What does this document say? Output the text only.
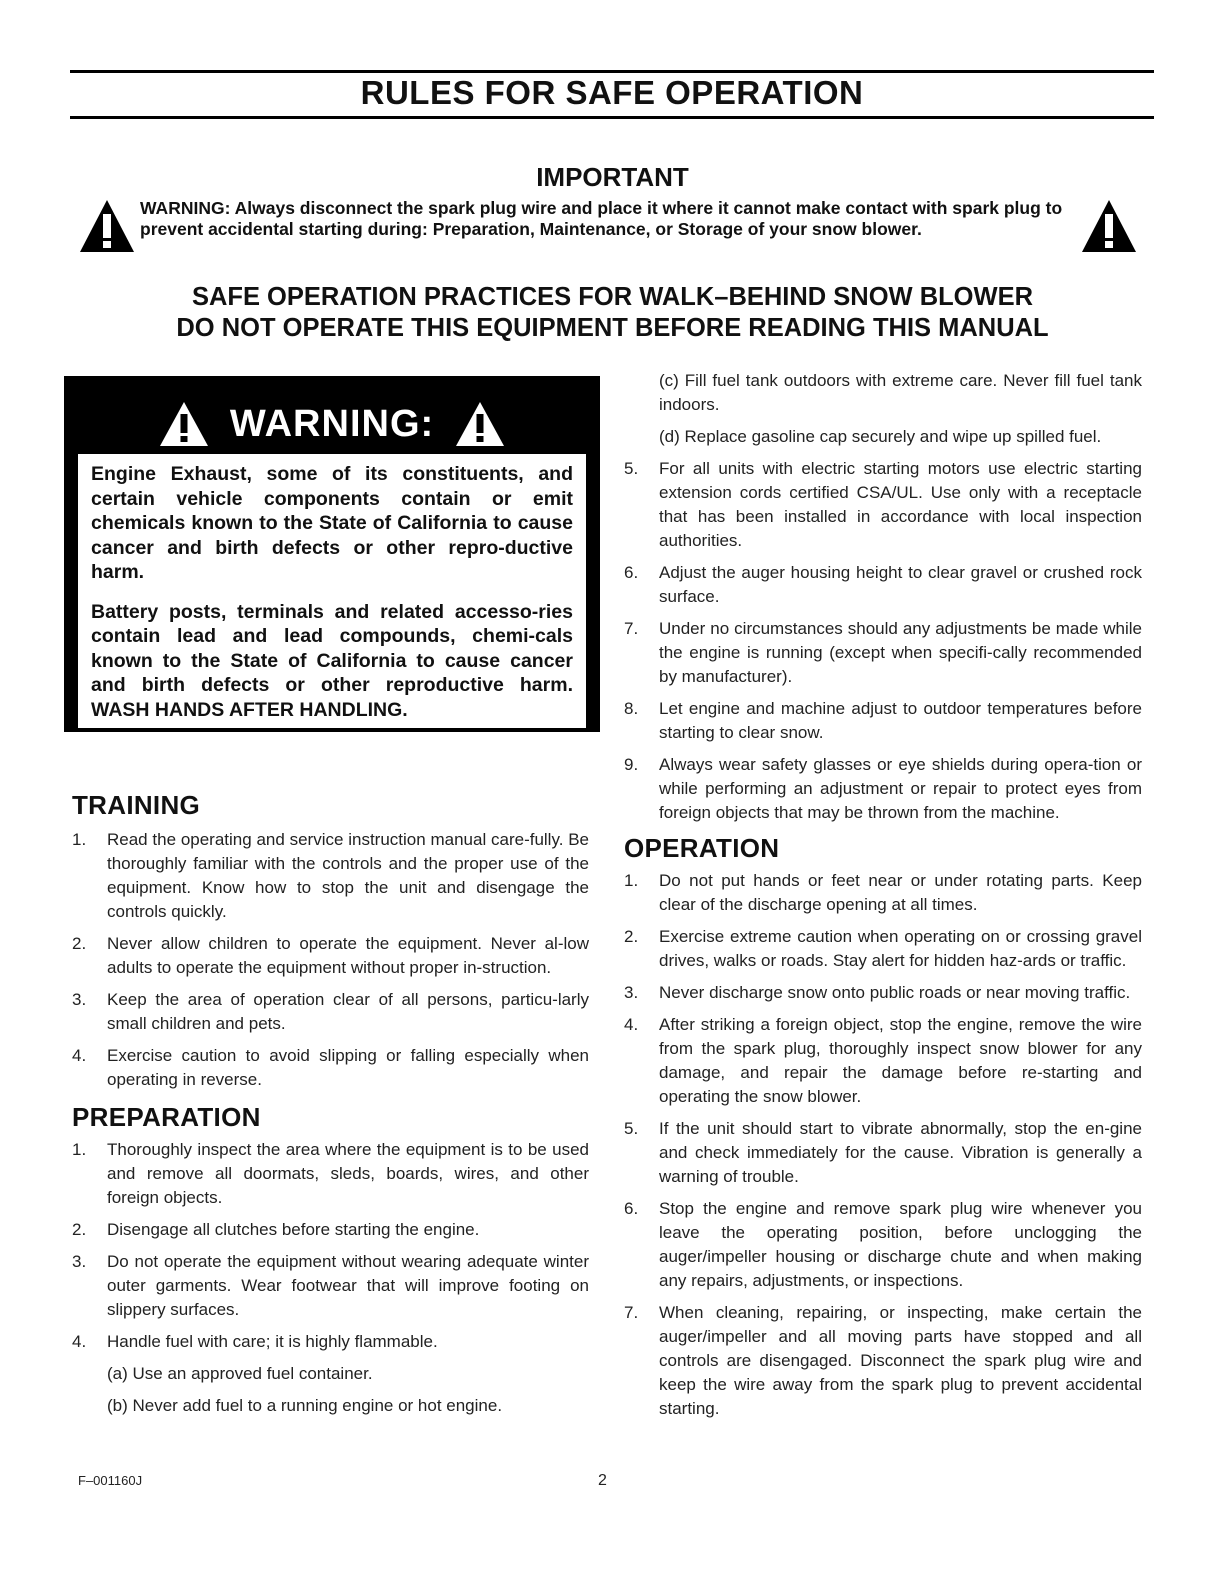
RULES FOR SAFE OPERATION
IMPORTANT
WARNING: Always disconnect the spark plug wire and place it where it cannot make contact with spark plug to prevent accidental starting during: Preparation, Maintenance, or Storage of your snow blower.
SAFE OPERATION PRACTICES FOR WALK–BEHIND SNOW BLOWER
DO NOT OPERATE THIS EQUIPMENT BEFORE READING THIS MANUAL
WARNING:

Engine Exhaust, some of its constituents, and certain vehicle components contain or emit chemicals known to the State of California to cause cancer and birth defects or other repro-ductive harm.

Battery posts, terminals and related accesso-ries contain lead and lead compounds, chemi-cals known to the State of California to cause cancer and birth defects or other reproductive harm. WASH HANDS AFTER HANDLING.

TRAINING
1. Read the operating and service instruction manual care-fully. Be thoroughly familiar with the controls and the proper use of the equipment. Know how to stop the unit and disengage the controls quickly.
2. Never allow children to operate the equipment. Never al-low adults to operate the equipment without proper in-struction.
3. Keep the area of operation clear of all persons, particu-larly small children and pets.
4. Exercise caution to avoid slipping or falling especially when operating in reverse.
PREPARATION
1. Thoroughly inspect the area where the equipment is to be used and remove all doormats, sleds, boards, wires, and other foreign objects.
2. Disengage all clutches before starting the engine.
3. Do not operate the equipment without wearing adequate winter outer garments. Wear footwear that will improve footing on slippery surfaces.
4. Handle fuel with care; it is highly flammable.
(a) Use an approved fuel container.
(b) Never add fuel to a running engine or hot engine.
(c) Fill fuel tank outdoors with extreme care. Never fill fuel tank indoors.
(d) Replace gasoline cap securely and wipe up spilled fuel.
5. For all units with electric starting motors use electric starting extension cords certified CSA/UL. Use only with a receptacle that has been installed in accordance with local inspection authorities.
6. Adjust the auger housing height to clear gravel or crushed rock surface.
7. Under no circumstances should any adjustments be made while the engine is running (except when specifi-cally recommended by manufacturer).
8. Let engine and machine adjust to outdoor temperatures before starting to clear snow.
9. Always wear safety glasses or eye shields during opera-tion or while performing an adjustment or repair to protect eyes from foreign objects that may be thrown from the machine.
OPERATION
1. Do not put hands or feet near or under rotating parts. Keep clear of the discharge opening at all times.
2. Exercise extreme caution when operating on or crossing gravel drives, walks or roads. Stay alert for hidden haz-ards or traffic.
3. Never discharge snow onto public roads or near moving traffic.
4. After striking a foreign object, stop the engine, remove the wire from the spark plug, thoroughly inspect snow blower for any damage, and repair the damage before re-starting and operating the snow blower.
5. If the unit should start to vibrate abnormally, stop the en-gine and check immediately for the cause. Vibration is generally a warning of trouble.
6. Stop the engine and remove spark plug wire whenever you leave the operating position, before unclogging the auger/impeller housing or discharge chute and when making any repairs, adjustments, or inspections.
7. When cleaning, repairing, or inspecting, make certain the auger/impeller and all moving parts have stopped and all controls are disengaged. Disconnect the spark plug wire and keep the wire away from the spark plug to prevent accidental starting.
F–001160J	2
